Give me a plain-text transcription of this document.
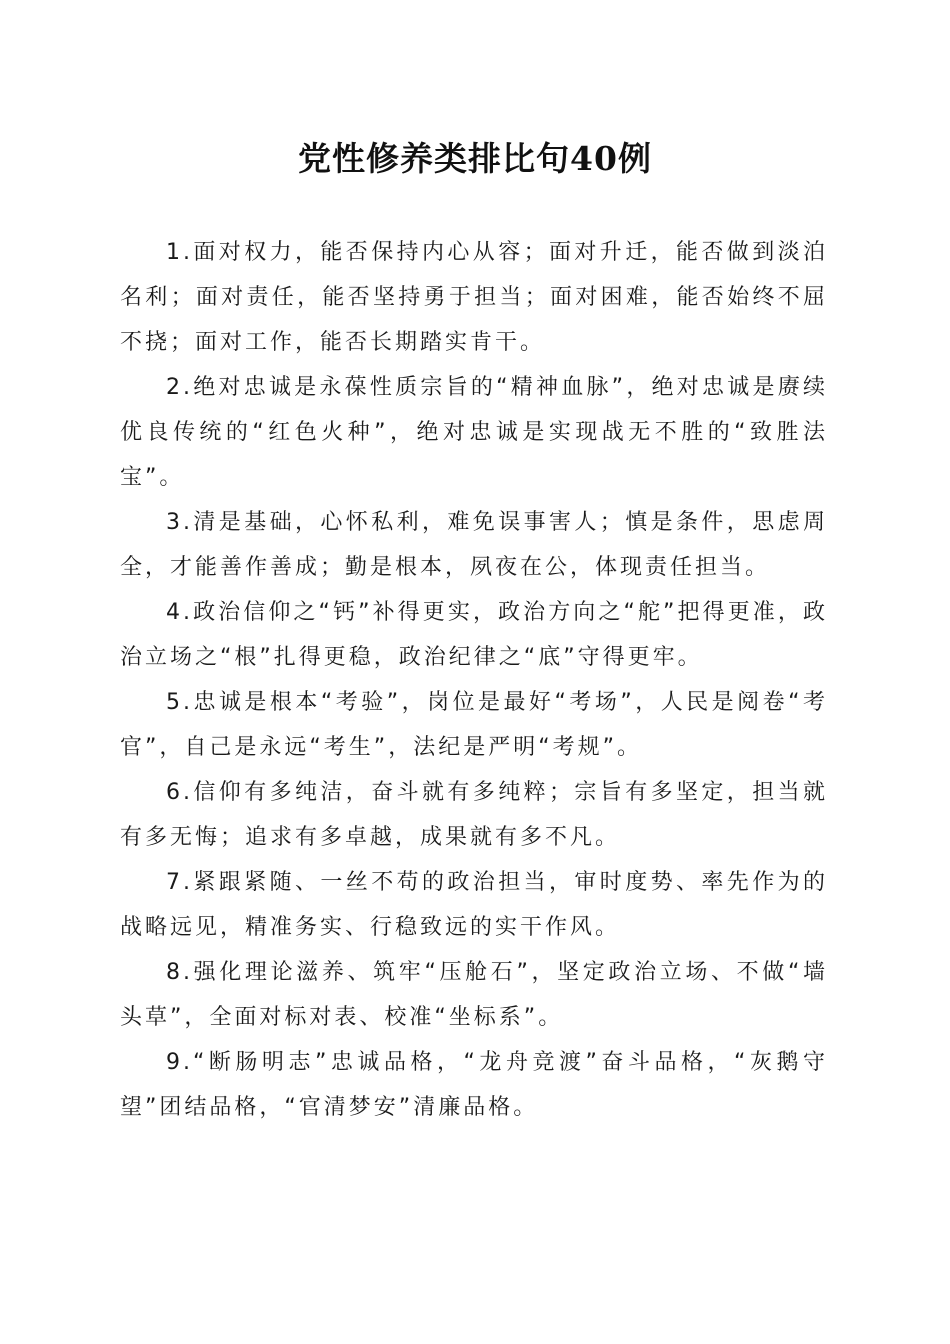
党性修养类排比句40例

1.面对权力，能否保持内心从容；面对升迁，能否做到淡泊名利；面对责任，能否坚持勇于担当；面对困难，能否始终不屈不挠；面对工作，能否长期踏实肯干。

2.绝对忠诚是永葆性质宗旨的“精神血脉”，绝对忠诚是赓续优良传统的“红色火种”，绝对忠诚是实现战无不胜的“致胜法宝”。

3.清是基础，心怀私利，难免误事害人；慎是条件，思虑周全，才能善作善成；勤是根本，夙夜在公，体现责任担当。

4.政治信仰之“钙”补得更实，政治方向之“舵”把得更准，政治立场之“根”扎得更稳，政治纪律之“底”守得更牢。

5.忠诚是根本“考验”，岗位是最好“考场”，人民是阅卷“考官”，自己是永远“考生”，法纪是严明“考规”。

6.信仰有多纯洁，奋斗就有多纯粹；宗旨有多坚定，担当就有多无悔；追求有多卓越，成果就有多不凡。

7.紧跟紧随、一丝不苟的政治担当，审时度势、率先作为的战略远见，精准务实、行稳致远的实干作风。

8.强化理论滋养、筑牢“压舱石”，坚定政治立场、不做“墙头草”，全面对标对表、校准“坐标系”。

9.“断肠明志”忠诚品格，“龙舟竞渡”奋斗品格，“灰鹅守望”团结品格，“官清梦安”清廉品格。
